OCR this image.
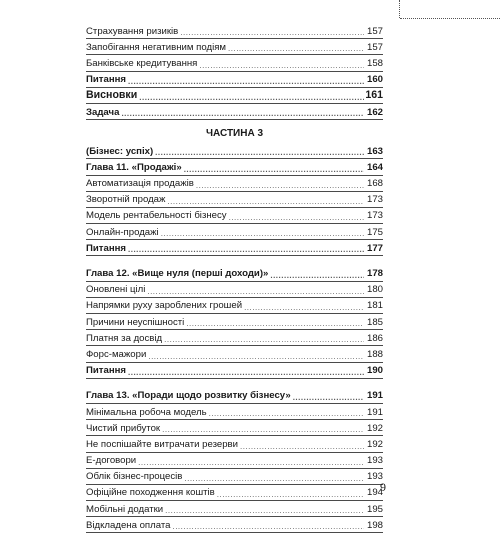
Страхування ризиків .....	157
Запобігання негативним подіям .....	157
Банківське кредитування .....	158
Питання .....	160
Висновки .....	161
Задача .....	162
ЧАСТИНА 3
(Бізнес: успіх) .....	163
Глава 11. «Продажі» .....	164
Автоматизація продажів .....	168
Зворотній продаж .....	173
Модель рентабельності бізнесу .....	173
Онлайн-продажі .....	175
Питання .....	177
Глава 12. «Вище нуля (перші доходи)» .....	178
Оновлені цілі .....	180
Напрямки руху зароблених грошей .....	181
Причини неуспішності .....	185
Платня за досвід .....	186
Форс-мажори .....	188
Питання .....	190
Глава 13. «Поради щодо розвитку бізнесу» .....	191
Мінімальна робоча модель .....	191
Чистий прибуток .....	192
Не поспішайте витрачати резерви .....	192
Е-договори .....	193
Облік бізнес-процесів .....	193
Офіційне походження коштів .....	194
Мобільні додатки .....	195
Відкладена оплата .....	198
9
